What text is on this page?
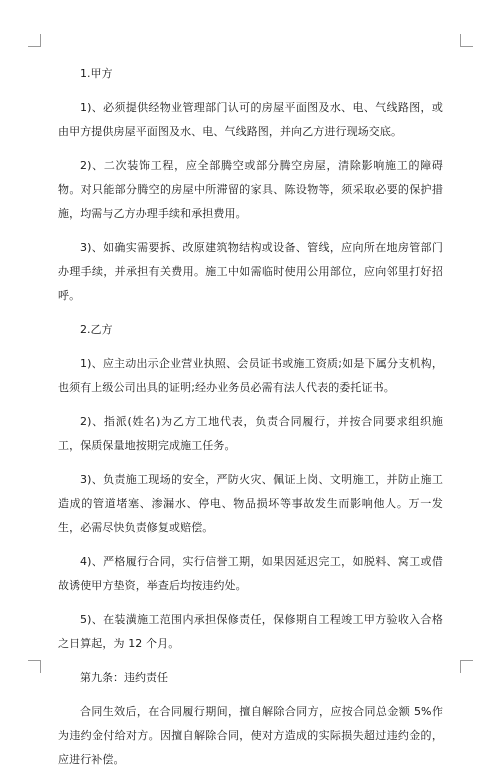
1.甲方

1)、必须提供经物业管理部门认可的房屋平面图及水、电、气线路图，或由甲方提供房屋平面图及水、电、气线路图，并向乙方进行现场交底。

2)、二次装饰工程，应全部腾空或部分腾空房屋，清除影响施工的障碍物。对只能部分腾空的房屋中所滞留的家具、陈设物等，须采取必要的保护措施，均需与乙方办理手续和承担费用。

3)、如确实需要拆、改原建筑物结构或设备、管线，应向所在地房管部门办理手续，并承担有关费用。施工中如需临时使用公用部位，应向邻里打好招呼。

2.乙方

1)、应主动出示企业营业执照、会员证书或施工资质;如是下属分支机构，也须有上级公司出具的证明;经办业务员必需有法人代表的委托证书。

2)、指派(姓名)为乙方工地代表，负责合同履行，并按合同要求组织施工，保质保量地按期完成施工任务。

3)、负责施工现场的安全，严防火灾、佩证上岗、文明施工，并防止施工造成的管道堵塞、渗漏水、停电、物品损坏等事故发生而影响他人。万一发生，必需尽快负责修复或赔偿。

4)、严格履行合同，实行信誉工期，如果因延迟完工，如脱料、窝工或借故诱使甲方垫资，举查后均按违约处。

5)、在装潢施工范围内承担保修责任，保修期自工程竣工甲方验收入合格之日算起，为 12 个月。

第九条：违约责任

合同生效后，在合同履行期间，擅自解除合同方，应按合同总金额 5%作为违约金付给对方。因擅自解除合同，使对方造成的实际损失超过违约金的，应进行补偿。
